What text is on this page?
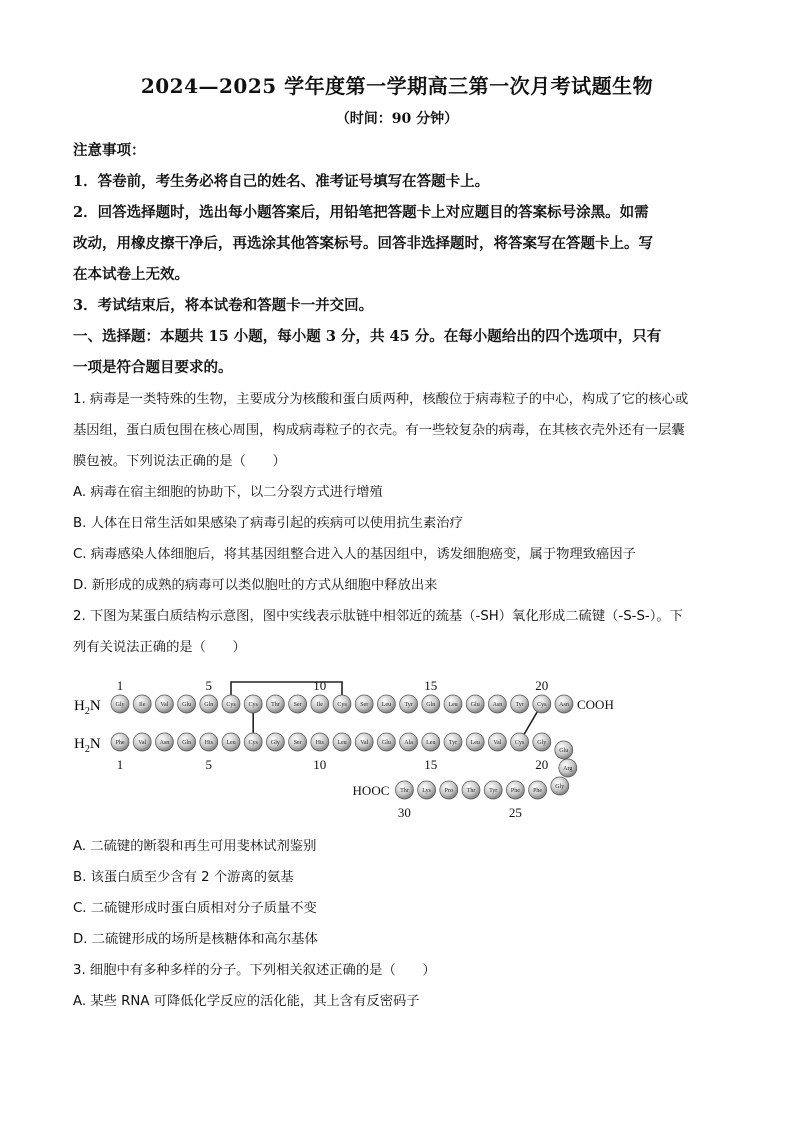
2024—2025 学年度第一学期高三第一次月考试题生物
（时间：90 分钟）
注意事项：
1．答卷前，考生务必将自己的姓名、准考证号填写在答题卡上。
2．回答选择题时，选出每小题答案后，用铅笔把答题卡上对应题目的答案标号涂黑。如需
改动，用橡皮擦干净后，再选涂其他答案标号。回答非选择题时，将答案写在答题卡上。写
在本试卷上无效。
3．考试结束后，将本试卷和答题卡一并交回。
一、选择题：本题共 15 小题，每小题 3 分，共 45 分。在每小题给出的四个选项中，只有
一项是符合题目要求的。
1. 病毒是一类特殊的生物，主要成分为核酸和蛋白质两种，核酸位于病毒粒子的中心，构成了它的核心或
基因组，蛋白质包围在核心周围，构成病毒粒子的衣壳。有一些较复杂的病毒，在其核衣壳外还有一层囊
膜包被。下列说法正确的是（　　）
A. 病毒在宿主细胞的协助下，以二分裂方式进行增殖
B. 人体在日常生活如果感染了病毒引起的疾病可以使用抗生素治疗
C. 病毒感染人体细胞后，将其基因组整合进入人的基因组中，诱发细胞癌变，属于物理致癌因子
D. 新形成的成熟的病毒可以类似胞吐的方式从细胞中释放出来
2. 下图为某蛋白质结构示意图，图中实线表示肽链中相邻近的巯基（-SH）氧化形成二硫键（-S-S-）。下
列有关说法正确的是（　　）
Gly Ile	Val Glu Gln Cys Cys Thr Ser	Ile Cys Ser Leu Tyr Gln Leu Glu Asn Tyr Cys Asn
Phe Val Asn Gln His Leu Cys Gly Ser His Leu Val Glu Ala Leu Tyr Leu Val Cys Gly
Glu
Arg
Thr Lys Pro Thr Tyr Phe Phe
Gly
$H_2N$	COOH
1	5	10	15	20
$H_2N$
1	5	10	15	20
HOOC
30	25
A. 二硫键的断裂和再生可用斐林试剂鉴别
B. 该蛋白质至少含有 2 个游离的氨基
C. 二硫键形成时蛋白质相对分子质量不变
D. 二硫键形成的场所是核糖体和高尔基体
3. 细胞中有多种多样的分子。下列相关叙述正确的是（　　）
A. 某些 RNA 可降低化学反应的活化能，其上含有反密码子
